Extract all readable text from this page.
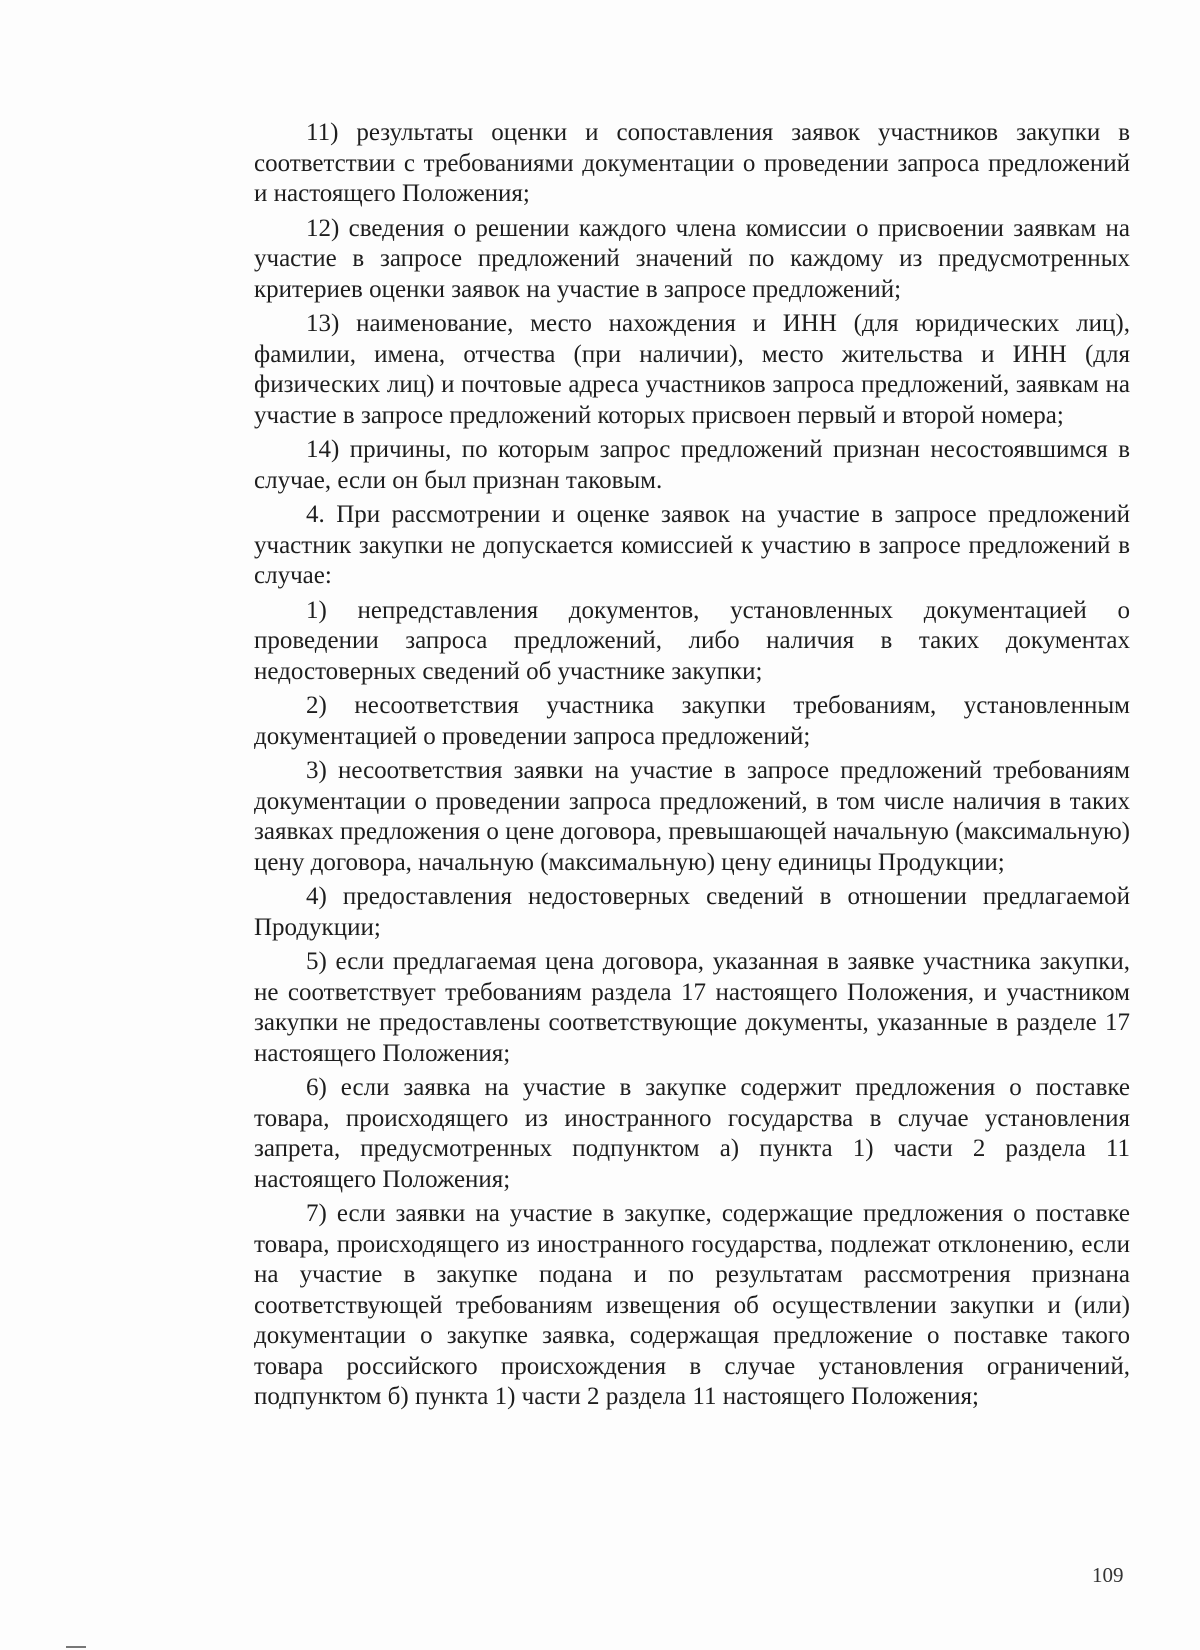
11) результаты оценки и сопоставления заявок участников закупки в соответствии с требованиями документации о проведении запроса предложений и настоящего Положения;

12) сведения о решении каждого члена комиссии о присвоении заявкам на участие в запросе предложений значений по каждому из предусмотренных критериев оценки заявок на участие в запросе предложений;

13) наименование, место нахождения и ИНН (для юридических лиц), фамилии, имена, отчества (при наличии), место жительства и ИНН (для физических лиц) и почтовые адреса участников запроса предложений, заявкам на участие в запросе предложений которых присвоен первый и второй номера;

14) причины, по которым запрос предложений признан несостоявшимся в случае, если он был признан таковым.

4. При рассмотрении и оценке заявок на участие в запросе предложений участник закупки не допускается комиссией к участию в запросе предложений в случае:

1) непредставления документов, установленных документацией о проведении запроса предложений, либо наличия в таких документах недостоверных сведений об участнике закупки;

2) несоответствия участника закупки требованиям, установленным документацией о проведении запроса предложений;

3) несоответствия заявки на участие в запросе предложений требованиям документации о проведении запроса предложений, в том числе наличия в таких заявках предложения о цене договора, превышающей начальную (максимальную) цену договора, начальную (максимальную) цену единицы Продукции;

4) предоставления недостоверных сведений в отношении предлагаемой Продукции;

5) если предлагаемая цена договора, указанная в заявке участника закупки, не соответствует требованиям раздела 17 настоящего Положения, и участником закупки не предоставлены соответствующие документы, указанные в разделе 17 настоящего Положения;

6) если заявка на участие в закупке содержит предложения о поставке товара, происходящего из иностранного государства в случае установления запрета, предусмотренных подпунктом а) пункта 1) части 2 раздела 11 настоящего Положения;

7) если заявки на участие в закупке, содержащие предложения о поставке товара, происходящего из иностранного государства, подлежат отклонению, если на участие в закупке подана и по результатам рассмотрения признана соответствующей требованиям извещения об осуществлении закупки и (или) документации о закупке заявка, содержащая предложение о поставке такого товара российского происхождения в случае установления ограничений, подпунктом б) пункта 1) части 2 раздела 11 настоящего Положения;

109
